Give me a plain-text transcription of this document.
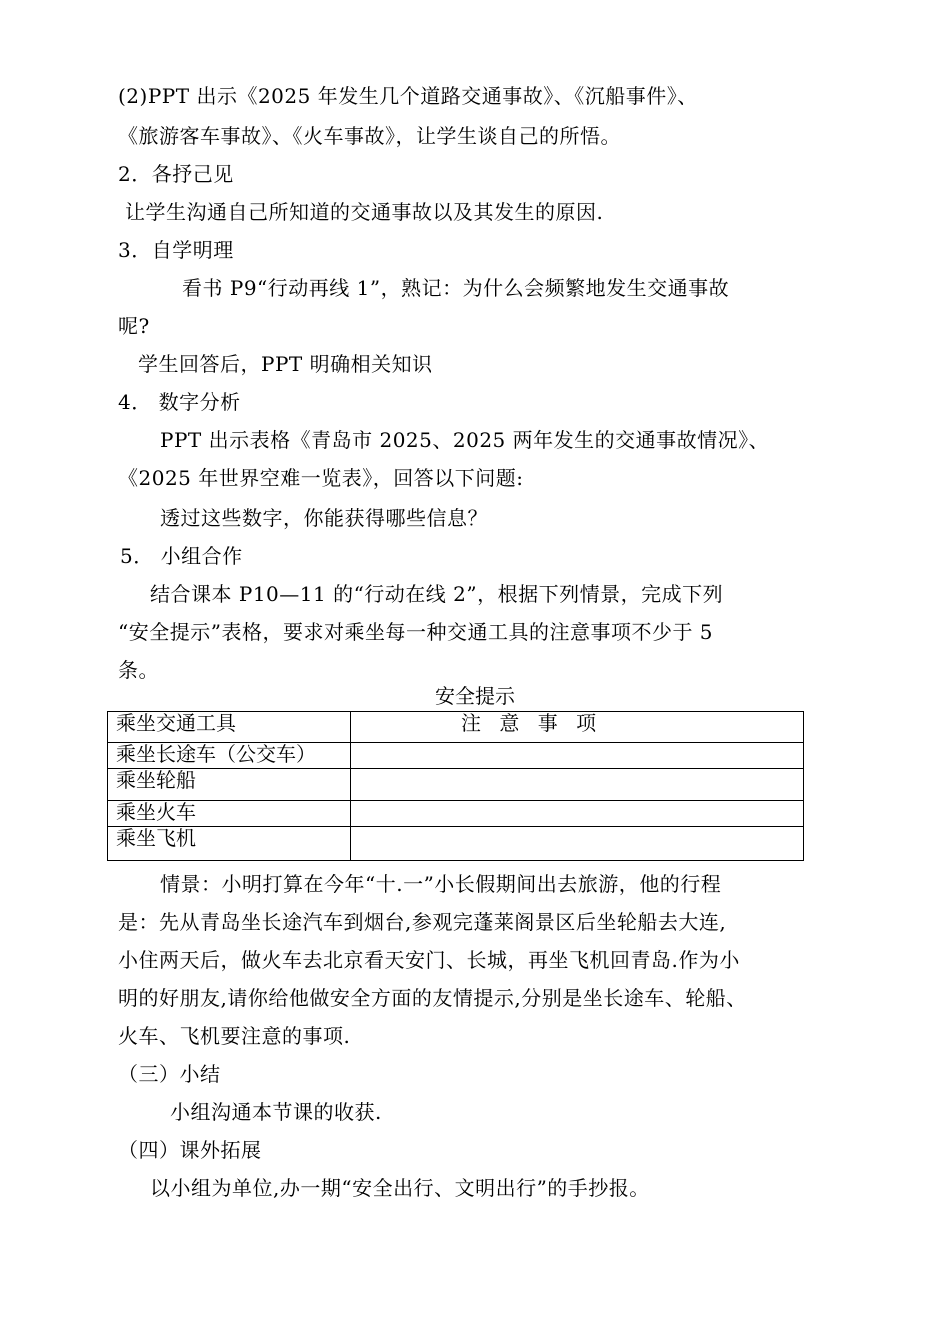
(2)PPT 出示《2025 年发生几个道路交通事故》、《沉船事件》、
《旅游客车事故》、《火车事故》，让学生谈自己的所悟。
2．各抒己见
让学生沟通自己所知道的交通事故以及其发生的原因.
3．自学明理
看书 P9“行动再线 1”，熟记：为什么会频繁地发生交通事故
呢?
学生回答后，PPT 明确相关知识
4． 数字分析
PPT 出示表格《青岛市 2025、2025 两年发生的交通事故情况》、
《2025 年世界空难一览表》，回答以下问题:
透过这些数字，你能获得哪些信息？
5． 小组合作
结合课本 P10—11 的“行动在线 2”，根据下列情景，完成下列
“安全提示”表格，要求对乘坐每一种交通工具的注意事项不少于 5
条。
安全提示
乘坐交通工具	注 意 事 项
乘坐长途车（公交车）	
乘坐轮船	
乘坐火车	
乘坐飞机	
情景：小明打算在今年“十.一”小长假期间出去旅游，他的行程
是：先从青岛坐长途汽车到烟台,参观完蓬莱阁景区后坐轮船去大连,
小住两天后，做火车去北京看天安门、长城，再坐飞机回青岛.作为小
明的好朋友,请你给他做安全方面的友情提示,分别是坐长途车、轮船、
火车、飞机要注意的事项.
（三）小结
小组沟通本节课的收获.
（四）课外拓展
以小组为单位,办一期“安全出行、文明出行”的手抄报。
